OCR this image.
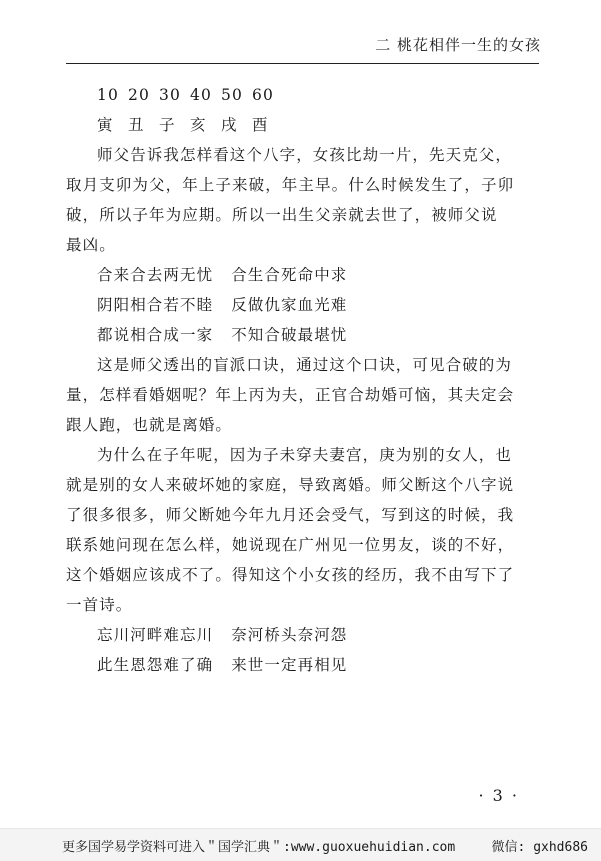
二 桃花相伴一生的女孩
10 20 30 40 50 60
寅 丑 子 亥 戌 酉
师父告诉我怎样看这个八字，女孩比劫一片，先天克父，
取月支卯为父，年上子来破，年主早。什么时候发生了，子卯
破，所以子年为应期。所以一出生父亲就去世了，被师父说
最凶。
合来合去两无忧 合生合死命中求
阴阳相合若不睦 反做仇家血光难
都说相合成一家 不知合破最堪忧
这是师父透出的盲派口诀，通过这个口诀，可见合破的为
量，怎样看婚姻呢？年上丙为夫，正官合劫婚可恼，其夫定会
跟人跑，也就是离婚。
为什么在子年呢，因为子未穿夫妻宫，庚为别的女人，也
就是别的女人来破坏她的家庭，导致离婚。师父断这个八字说
了很多很多，师父断她今年九月还会受气，写到这的时候，我
联系她问现在怎么样，她说现在广州见一位男友，谈的不好，
这个婚姻应该成不了。得知这个小女孩的经历，我不由写下了
一首诗。
忘川河畔难忘川 奈河桥头奈河怨
此生恩怨难了确 来世一定再相见
· 3 ·
更多国学易学资料可进入＂国学汇典＂:www.guoxuehuidian.com	微信: gxhd686
